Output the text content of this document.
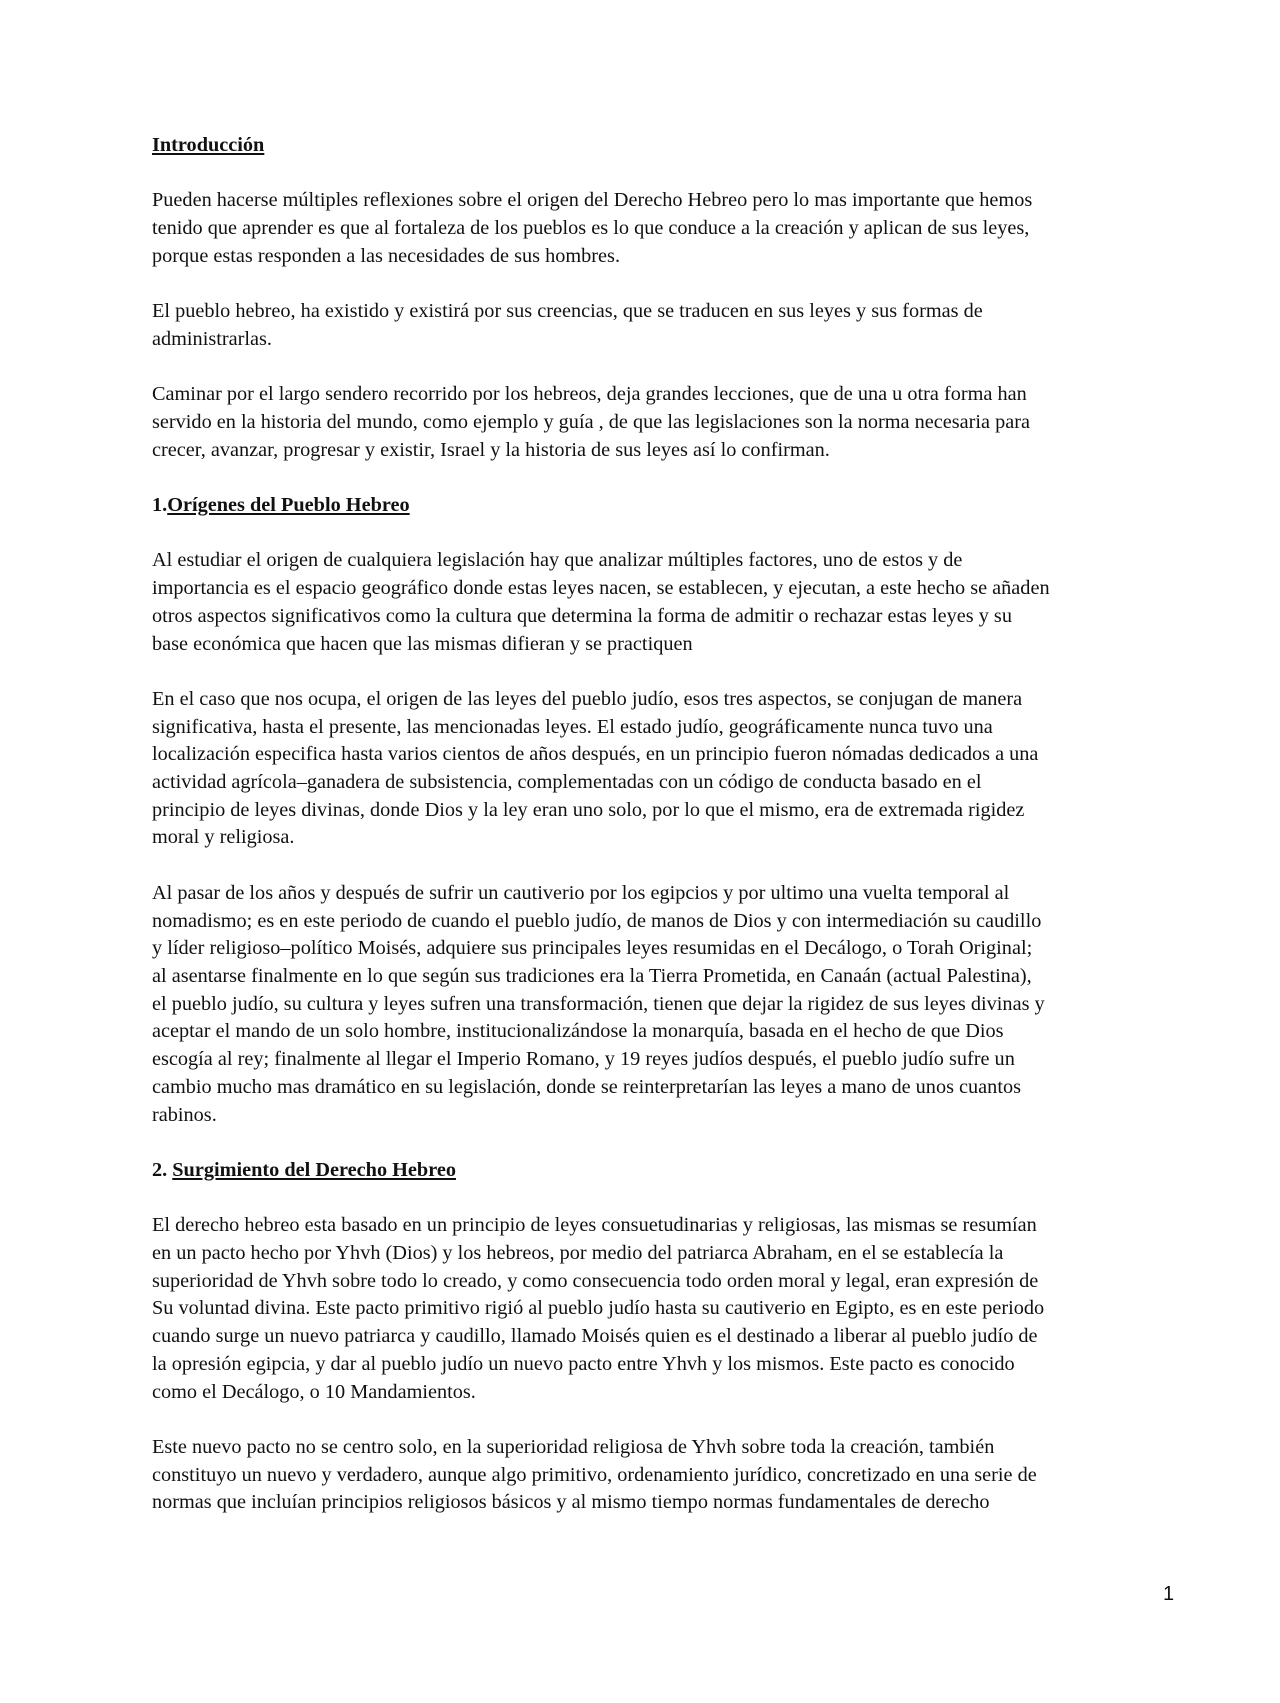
Introducción

Pueden hacerse múltiples reflexiones sobre el origen del Derecho Hebreo pero lo mas importante que hemos
tenido que aprender es que al fortaleza de los pueblos es lo que conduce a la creación y aplican de sus leyes,
porque estas responden a las necesidades de sus hombres.

El pueblo hebreo, ha existido y existirá por sus creencias, que se traducen en sus leyes y sus formas de
administrarlas.

Caminar por el largo sendero recorrido por los hebreos, deja grandes lecciones, que de una u otra forma han
servido en la historia del mundo, como ejemplo y guía , de que las legislaciones son la norma necesaria para
crecer, avanzar, progresar y existir, Israel y la historia de sus leyes así lo confirman.

1.Orígenes del Pueblo Hebreo

Al estudiar el origen de cualquiera legislación hay que analizar múltiples factores, uno de estos y de
importancia es el espacio geográfico donde estas leyes nacen, se establecen, y ejecutan, a este hecho se añaden
otros aspectos significativos como la cultura que determina la forma de admitir o rechazar estas leyes y su
base económica que hacen que las mismas difieran y se practiquen

En el caso que nos ocupa, el origen de las leyes del pueblo judío, esos tres aspectos, se conjugan de manera
significativa, hasta el presente, las mencionadas leyes. El estado judío, geográficamente nunca tuvo una
localización especifica hasta varios cientos de años después, en un principio fueron nómadas dedicados a una
actividad agrícola‒ganadera de subsistencia, complementadas con un código de conducta basado en el
principio de leyes divinas, donde Dios y la ley eran uno solo, por lo que el mismo, era de extremada rigidez
moral y religiosa.

Al pasar de los años y después de sufrir un cautiverio por los egipcios y por ultimo una vuelta temporal al
nomadismo; es en este periodo de cuando el pueblo judío, de manos de Dios y con intermediación su caudillo
y líder religioso‒político Moisés, adquiere sus principales leyes resumidas en el Decálogo, o Torah Original;
al asentarse finalmente en lo que según sus tradiciones era la Tierra Prometida, en Canaán (actual Palestina),
el pueblo judío, su cultura y leyes sufren una transformación, tienen que dejar la rigidez de sus leyes divinas y
aceptar el mando de un solo hombre, institucionalizándose la monarquía, basada en el hecho de que Dios
escogía al rey; finalmente al llegar el Imperio Romano, y 19 reyes judíos después, el pueblo judío sufre un
cambio mucho mas dramático en su legislación, donde se reinterpretarían las leyes a mano de unos cuantos
rabinos.

2. Surgimiento del Derecho Hebreo

El derecho hebreo esta basado en un principio de leyes consuetudinarias y religiosas, las mismas se resumían
en un pacto hecho por Yhvh (Dios) y los hebreos, por medio del patriarca Abraham, en el se establecía la
superioridad de Yhvh sobre todo lo creado, y como consecuencia todo orden moral y legal, eran expresión de
Su voluntad divina. Este pacto primitivo rigió al pueblo judío hasta su cautiverio en Egipto, es en este periodo
cuando surge un nuevo patriarca y caudillo, llamado Moisés quien es el destinado a liberar al pueblo judío de
la opresión egipcia, y dar al pueblo judío un nuevo pacto entre Yhvh y los mismos. Este pacto es conocido
como el Decálogo, o 10 Mandamientos.

Este nuevo pacto no se centro solo, en la superioridad religiosa de Yhvh sobre toda la creación, también
constituyo un nuevo y verdadero, aunque algo primitivo, ordenamiento jurídico, concretizado en una serie de
normas que incluían principios religiosos básicos y al mismo tiempo normas fundamentales de derecho

1
